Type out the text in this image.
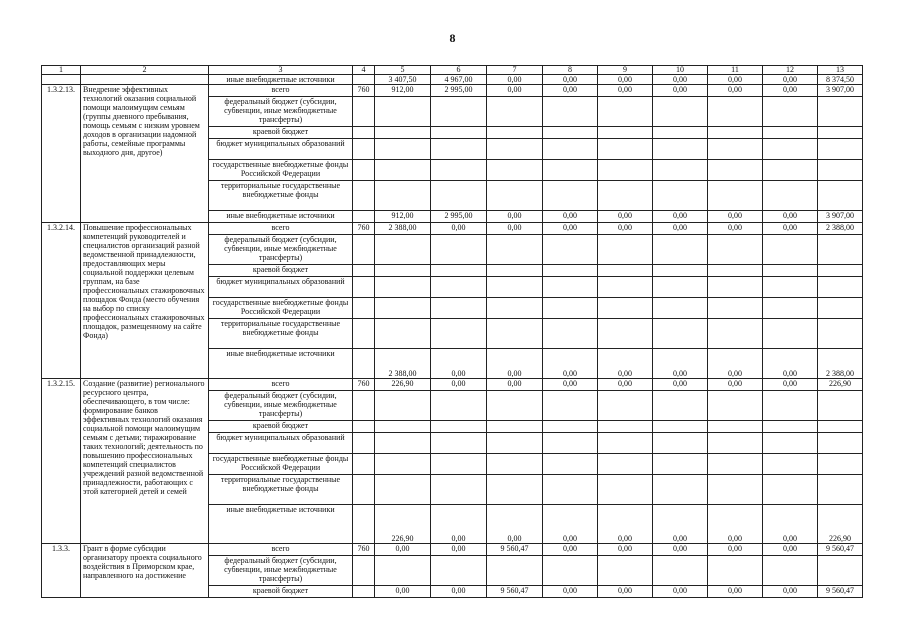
8
1	2	3	4	5	6	7	8	9	10	11	12	13
		иные внебюджетные источники		3 407,50	4 967,00	0,00	0,00	0,00	0,00	0,00	0,00	8 374,50
1.3.2.13.	Внедрение эффективных технологий оказания социальной помощи малоимущим семьям (группы дневного пребывания, помощь семьям с низким уровнем доходов в организации надомной работы, семейные программы выходного дня, другое)	всего	760	912,00	2 995,00	0,00	0,00	0,00	0,00	0,00	0,00	3 907,00
		федеральный бюджет (субсидии, субвенции, иные межбюджетные трансферты)										
		краевой бюджет										
		бюджет муниципальных образований										
		государственные внебюджетные фонды Российской Федерации										
		территориальные государственные внебюджетные фонды										
		иные внебюджетные источники		912,00	2 995,00	0,00	0,00	0,00	0,00	0,00	0,00	3 907,00
1.3.2.14.	Повышение профессиональных компетенций руководителей и специалистов организаций разной ведомственной принадлежности, предоставляющих меры социальной поддержки целевым группам, на базе профессиональных стажировочных площадок Фонда (место обучения на выбор по списку профессиональных стажировочных площадок, размещенному на сайте Фонда)	всего	760	2 388,00	0,00	0,00	0,00	0,00	0,00	0,00	0,00	2 388,00
		федеральный бюджет (субсидии, субвенции, иные межбюджетные трансферты)										
		краевой бюджет										
		бюджет муниципальных образований										
		государственные внебюджетные фонды Российской Федерации										
		территориальные государственные внебюджетные фонды										
		иные внебюджетные источники		2 388,00	0,00	0,00	0,00	0,00	0,00	0,00	0,00	2 388,00
1.3.2.15.	Создание (развитие) регионального ресурсного центра, обеспечивающего, в том числе: формирование банков эффективных технологий оказания социальной помощи малоимущим семьям с детьми; тиражирование таких технологий; деятельность по повышению профессиональных компетенций специалистов учреждений разной ведомственной принадлежности, работающих с этой категорией детей и семей	всего	760	226,90	0,00	0,00	0,00	0,00	0,00	0,00	0,00	226,90
		федеральный бюджет (субсидии, субвенции, иные межбюджетные трансферты)										
		краевой бюджет										
		бюджет муниципальных образований										
		государственные внебюджетные фонды Российской Федерации										
		территориальные государственные внебюджетные фонды										
		иные внебюджетные источники		226,90	0,00	0,00	0,00	0,00	0,00	0,00	0,00	226,90
1.3.3.	Грант в форме субсидии организатору проекта социального воздействия в Приморском крае, направленного на достижение	всего	760	0,00	0,00	9 560,47	0,00	0,00	0,00	0,00	0,00	9 560,47
		федеральный бюджет (субсидии, субвенции, иные межбюджетные трансферты)										
		краевой бюджет		0,00	0,00	9 560,47	0,00	0,00	0,00	0,00	0,00	9 560,47
